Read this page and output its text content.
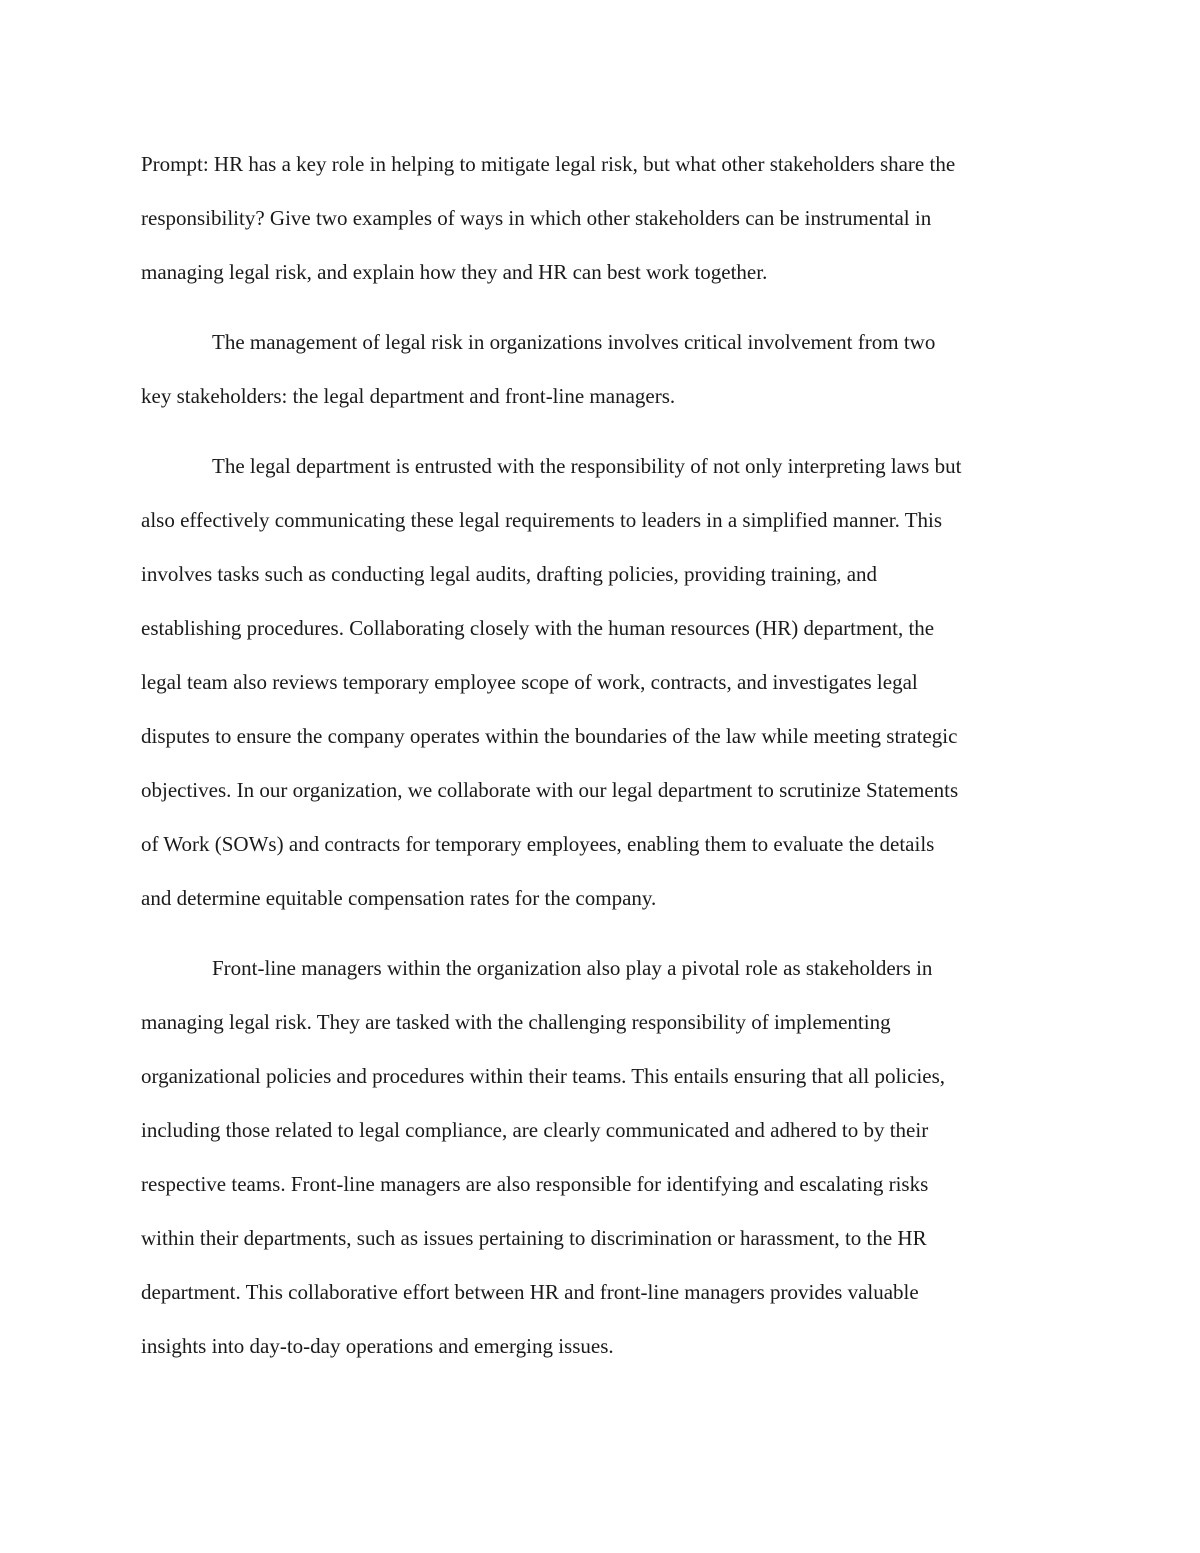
Prompt: HR has a key role in helping to mitigate legal risk, but what other stakeholders share the
responsibility? Give two examples of ways in which other stakeholders can be instrumental in
managing legal risk, and explain how they and HR can best work together.
The management of legal risk in organizations involves critical involvement from two
key stakeholders: the legal department and front-line managers.
The legal department is entrusted with the responsibility of not only interpreting laws but
also effectively communicating these legal requirements to leaders in a simplified manner. This
involves tasks such as conducting legal audits, drafting policies, providing training, and
establishing procedures. Collaborating closely with the human resources (HR) department, the
legal team also reviews temporary employee scope of work, contracts, and investigates legal
disputes to ensure the company operates within the boundaries of the law while meeting strategic
objectives. In our organization, we collaborate with our legal department to scrutinize Statements
of Work (SOWs) and contracts for temporary employees, enabling them to evaluate the details
and determine equitable compensation rates for the company.
Front-line managers within the organization also play a pivotal role as stakeholders in
managing legal risk. They are tasked with the challenging responsibility of implementing
organizational policies and procedures within their teams. This entails ensuring that all policies,
including those related to legal compliance, are clearly communicated and adhered to by their
respective teams. Front-line managers are also responsible for identifying and escalating risks
within their departments, such as issues pertaining to discrimination or harassment, to the HR
department. This collaborative effort between HR and front-line managers provides valuable
insights into day-to-day operations and emerging issues.
